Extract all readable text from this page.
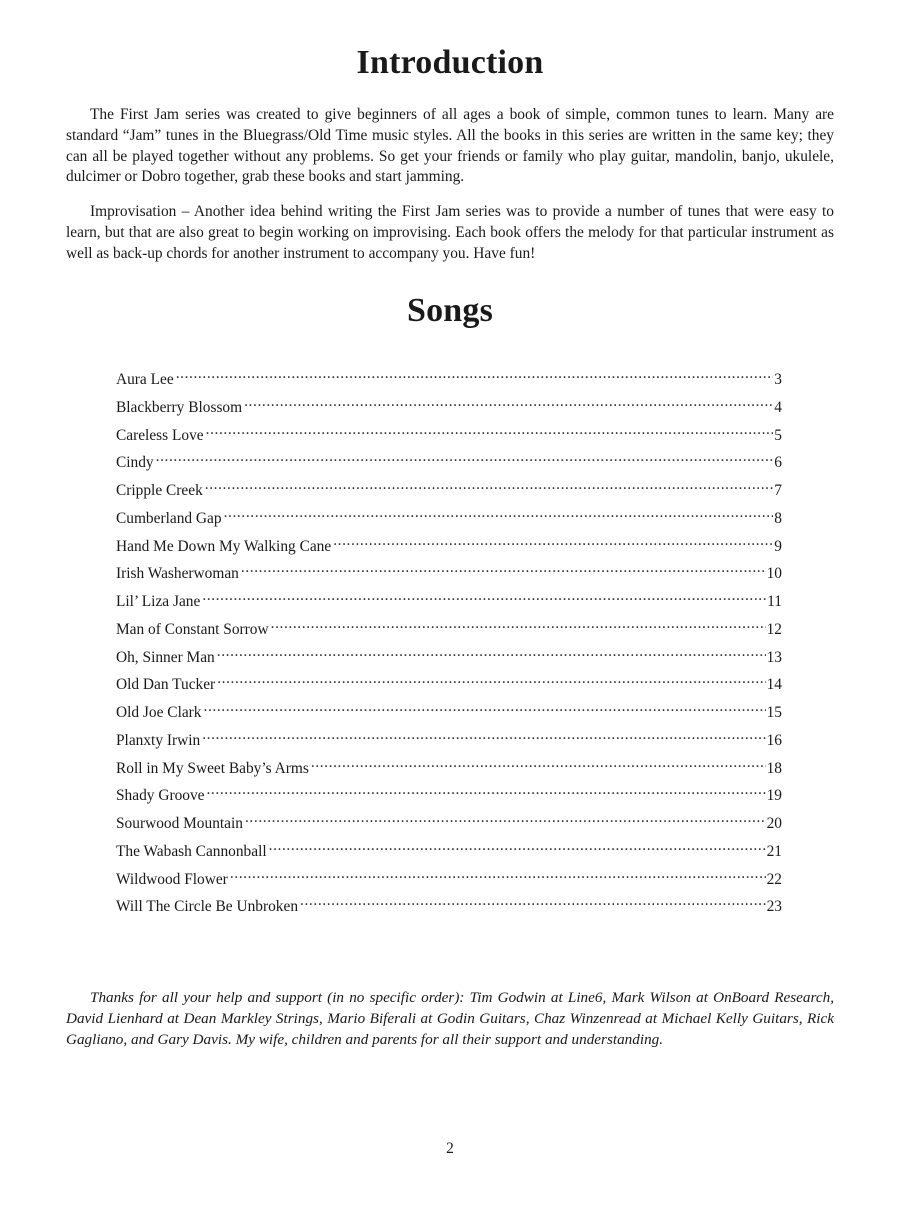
Introduction

The First Jam series was created to give beginners of all ages a book of simple, common tunes to learn. Many are standard “Jam” tunes in the Bluegrass/Old Time music styles. All the books in this series are written in the same key; they can all be played together without any problems. So get your friends or family who play guitar, mandolin, banjo, ukulele, dulcimer or Dobro together, grab these books and start jamming.

Improvisation – Another idea behind writing the First Jam series was to provide a number of tunes that were easy to learn, but that are also great to begin working on improvising. Each book offers the melody for that particular instrument as well as back-up chords for another instrument to accompany you. Have fun!

Songs
Aura Lee .....	3
Blackberry Blossom .....	4
Careless Love .....	5
Cindy .....	6
Cripple Creek .....	7
Cumberland Gap .....	8
Hand Me Down My Walking Cane .....	9
Irish Washerwoman .....	10
Lil’ Liza Jane .....	11
Man of Constant Sorrow .....	12
Oh, Sinner Man .....	13
Old Dan Tucker .....	14
Old Joe Clark .....	15
Planxty Irwin .....	16
Roll in My Sweet Baby’s Arms .....	18
Shady Groove .....	19
Sourwood Mountain .....	20
The Wabash Cannonball .....	21
Wildwood Flower .....	22
Will The Circle Be Unbroken .....	23

Thanks for all your help and support (in no specific order): Tim Godwin at Line6, Mark Wilson at OnBoard Research, David Lienhard at Dean Markley Strings, Mario Biferali at Godin Guitars, Chaz Winzenread at Michael Kelly Guitars, Rick Gagliano, and Gary Davis. My wife, children and parents for all their support and understanding.

2
